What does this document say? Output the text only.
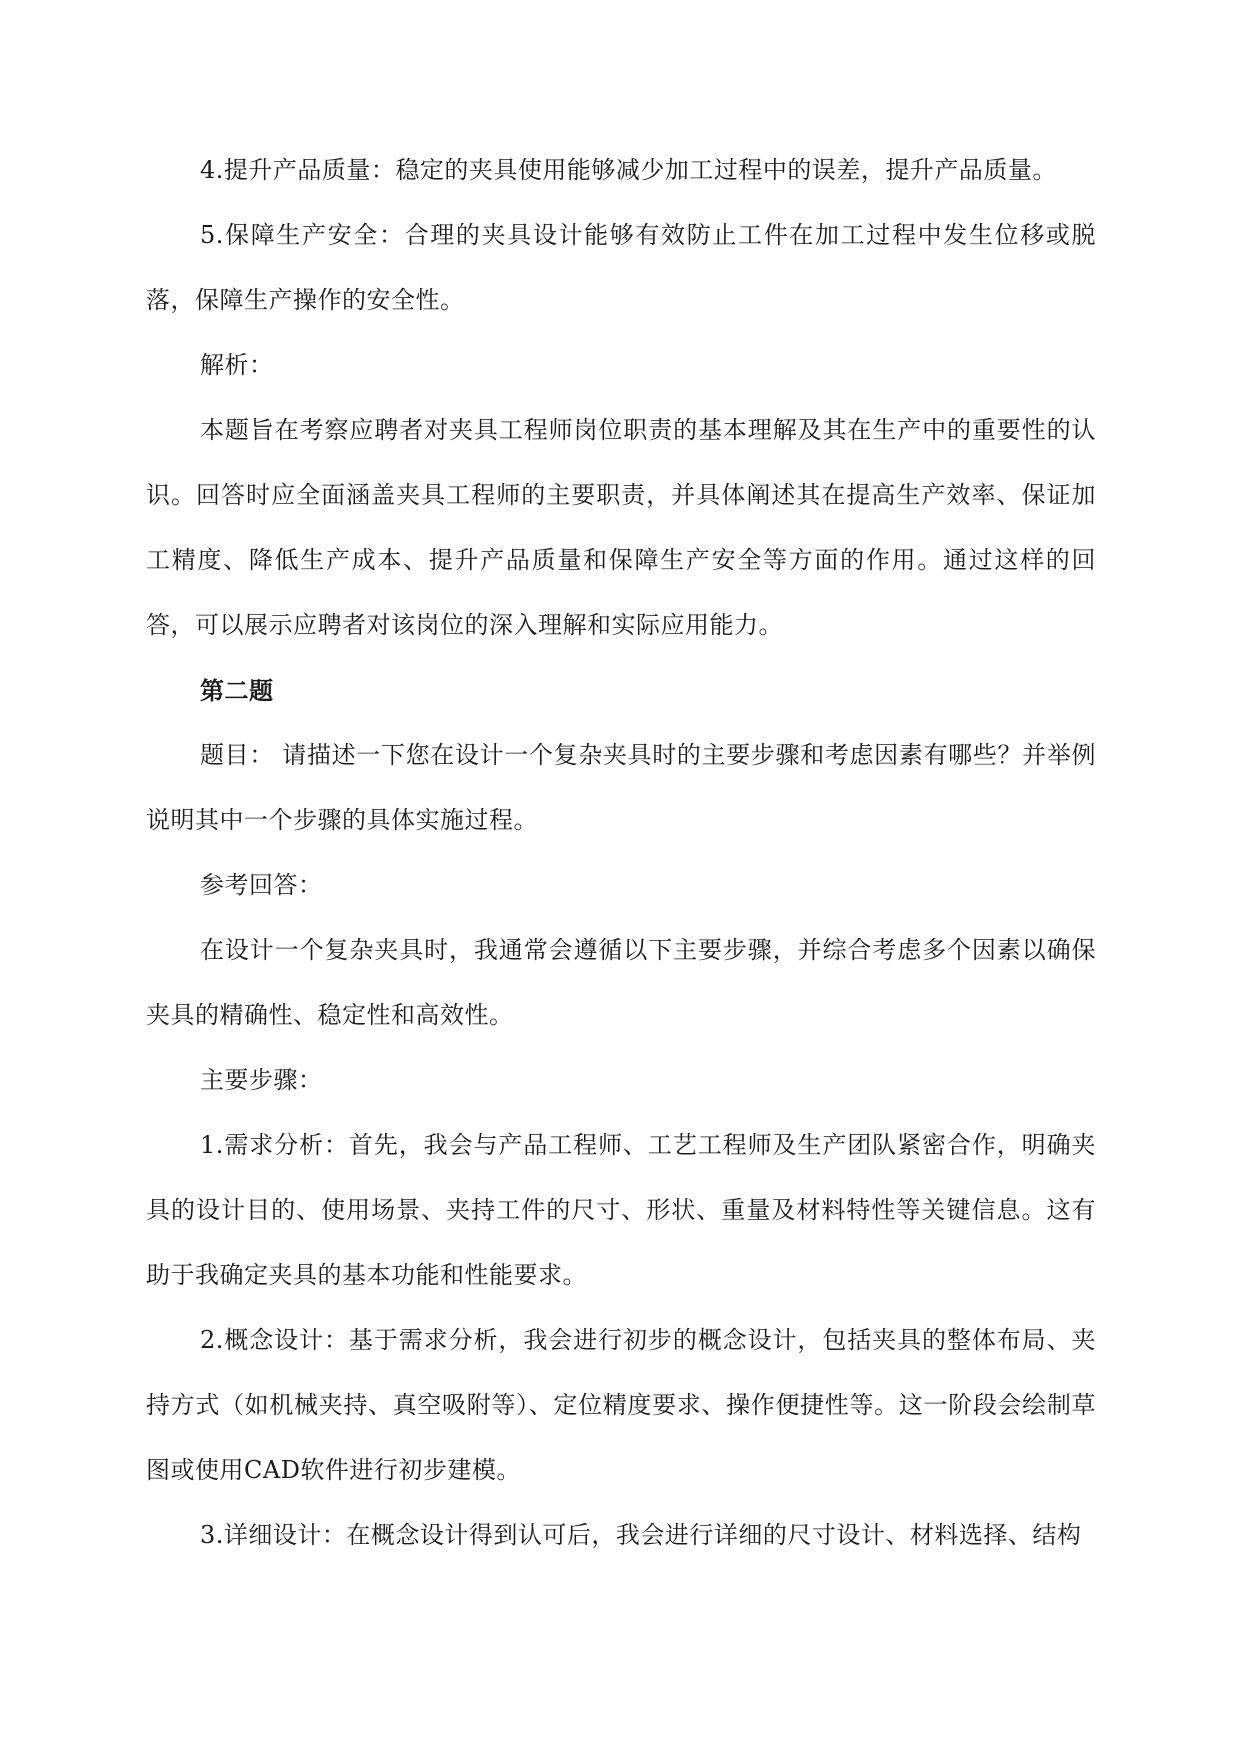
4.提升产品质量：稳定的夹具使用能够减少加工过程中的误差，提升产品质量。

5.保障生产安全：合理的夹具设计能够有效防止工件在加工过程中发生位移或脱落，保障生产操作的安全性。

解析：

本题旨在考察应聘者对夹具工程师岗位职责的基本理解及其在生产中的重要性的认识。回答时应全面涵盖夹具工程师的主要职责，并具体阐述其在提高生产效率、保证加工精度、降低生产成本、提升产品质量和保障生产安全等方面的作用。通过这样的回答，可以展示应聘者对该岗位的深入理解和实际应用能力。

第二题

题目： 请描述一下您在设计一个复杂夹具时的主要步骤和考虑因素有哪些？并举例说明其中一个步骤的具体实施过程。

参考回答：

在设计一个复杂夹具时，我通常会遵循以下主要步骤，并综合考虑多个因素以确保夹具的精确性、稳定性和高效性。

主要步骤：

1.需求分析：首先，我会与产品工程师、工艺工程师及生产团队紧密合作，明确夹具的设计目的、使用场景、夹持工件的尺寸、形状、重量及材料特性等关键信息。这有助于我确定夹具的基本功能和性能要求。

2.概念设计：基于需求分析，我会进行初步的概念设计，包括夹具的整体布局、夹持方式（如机械夹持、真空吸附等）、定位精度要求、操作便捷性等。这一阶段会绘制草图或使用CAD软件进行初步建模。

3.详细设计：在概念设计得到认可后，我会进行详细的尺寸设计、材料选择、结构
